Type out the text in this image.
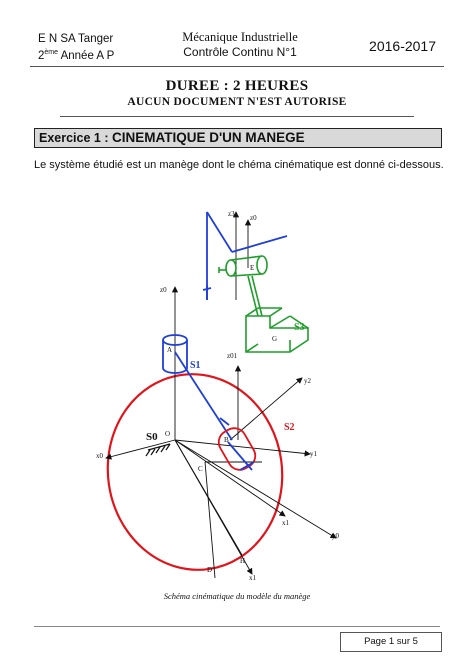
E N SA Tanger
2ème Année A P
Mécanique Industrielle
Contrôle Continu N°1	2016-2017
DUREE : 2 HEURES
AUCUN DOCUMENT N'EST AUTORISE
Exercice 1 : CINEMATIQUE D'UN MANEGE
Le système étudié est un manège dont le chéma cinématique est donné ci-dessous.
z3 z0
E
G
z0
A
z01
y2
O
x0
B
y1
C
x1
y0
H
D
x1
S0
S1
S2
S3
Schéma cinématique du modèle du manège
Page 1 sur 5
